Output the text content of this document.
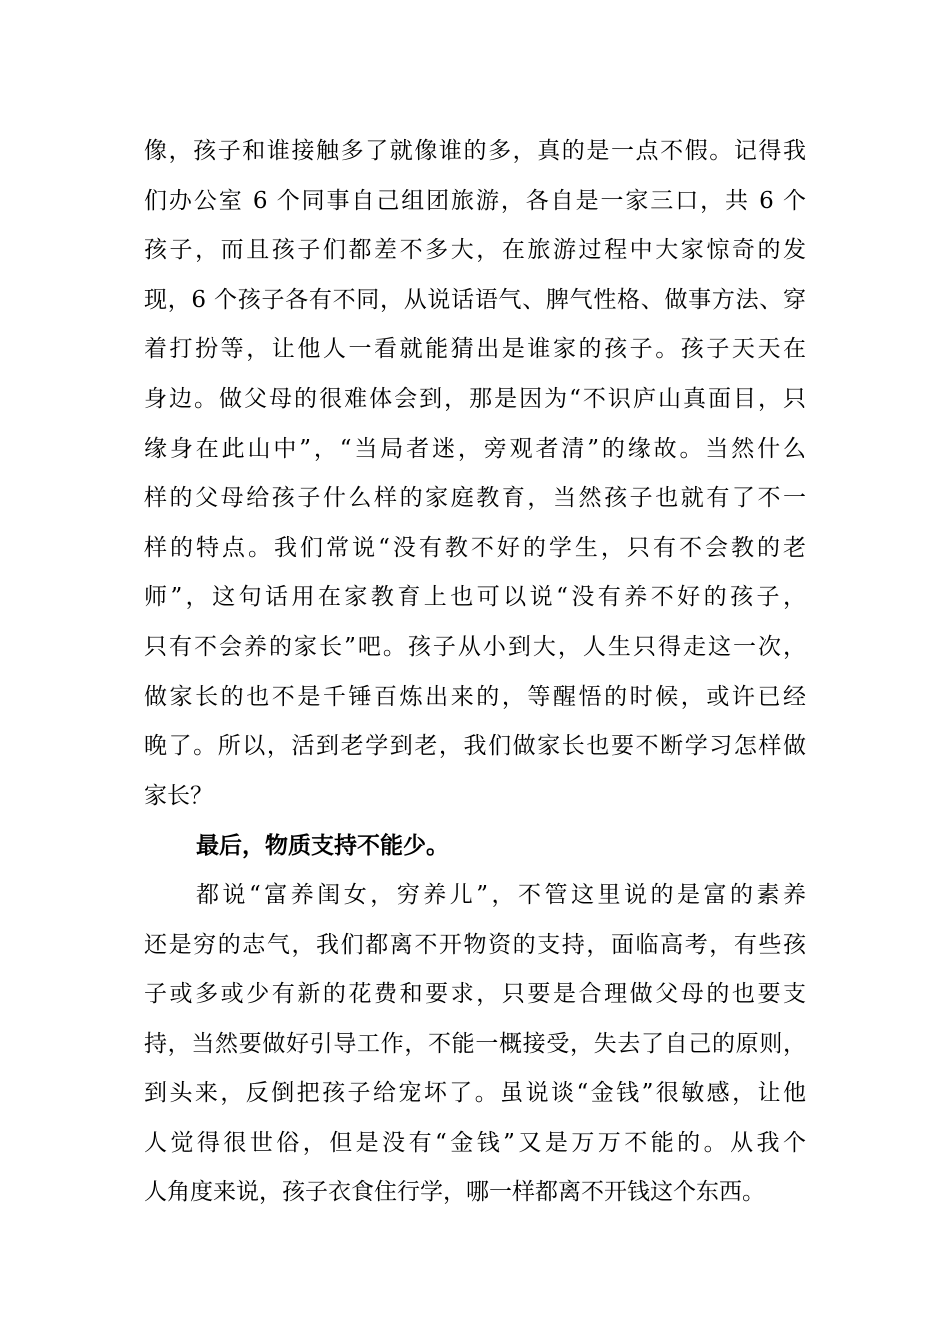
像，孩子和谁接触多了就像谁的多，真的是一点不假。记得我
们办公室 6 个同事自己组团旅游，各自是一家三口，共 6 个
孩子，而且孩子们都差不多大，在旅游过程中大家惊奇的发
现，6 个孩子各有不同，从说话语气、脾气性格、做事方法、穿
着打扮等，让他人一看就能猜出是谁家的孩子。孩子天天在
身边。做父母的很难体会到，那是因为“不识庐山真面目，只
缘身在此山中”，“当局者迷，旁观者清”的缘故。当然什么
样的父母给孩子什么样的家庭教育，当然孩子也就有了不一
样的特点。我们常说“没有教不好的学生，只有不会教的老
师”，这句话用在家教育上也可以说“没有养不好的孩子，
只有不会养的家长”吧。孩子从小到大，人生只得走这一次，
做家长的也不是千锤百炼出来的，等醒悟的时候，或许已经
晚了。所以，活到老学到老，我们做家长也要不断学习怎样做
家长？
最后，物质支持不能少。
都说“富养闺女，穷养儿”，不管这里说的是富的素养
还是穷的志气，我们都离不开物资的支持，面临高考，有些孩
子或多或少有新的花费和要求，只要是合理做父母的也要支
持，当然要做好引导工作，不能一概接受，失去了自己的原则，
到头来，反倒把孩子给宠坏了。虽说谈“金钱”很敏感，让他
人觉得很世俗，但是没有“金钱”又是万万不能的。从我个
人角度来说，孩子衣食住行学，哪一样都离不开钱这个东西。
